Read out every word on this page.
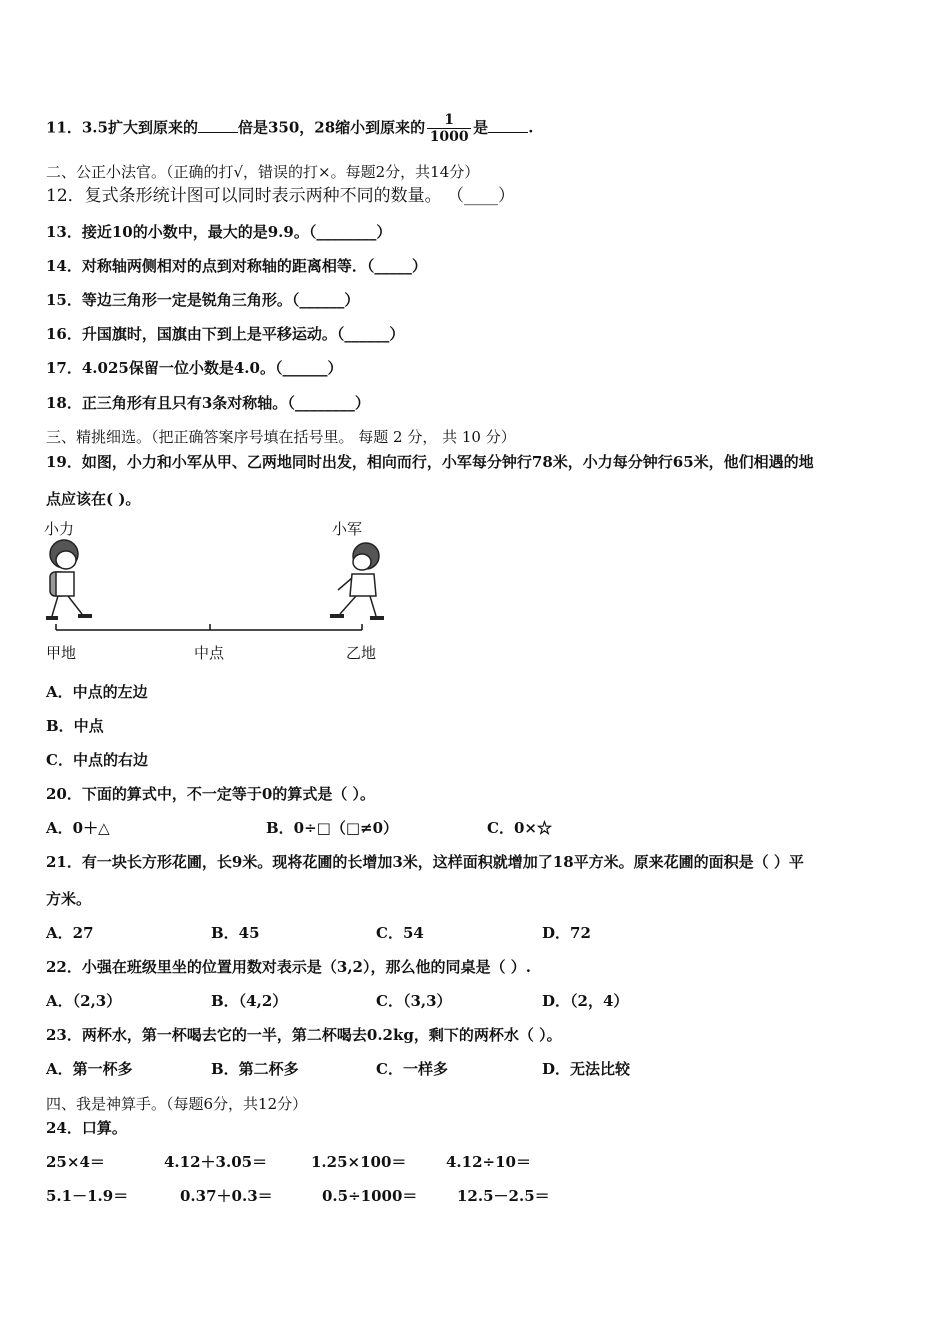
11．3.5扩大到原来的	倍是350，28缩小到原来的 $\frac{1}{1000}$ 是	.
二、公正小法官。（正确的打√，错误的打×。每题2分，共14分）
12．复式条形统计图可以同时表示两种不同的数量。 （____）
13．接近10的小数中，最大的是9.9。（________）
14．对称轴两侧相对的点到对称轴的距离相等．（_____）
15．等边三角形一定是锐角三角形。（______）
16．升国旗时，国旗由下到上是平移运动。（______）
17．4.025保留一位小数是4.0。（______）
18．正三角形有且只有3条对称轴。（________）
三、精挑细选。（把正确答案序号填在括号里。 每题 2 分， 共 10 分）
19．如图，小力和小军从甲、乙两地同时出发，相向而行，小军每分钟行78米，小力每分钟行65米，他们相遇的地
点应该在( )。
小力	小军
甲地	中点	乙地
A．中点的左边
B．中点
C．中点的右边
20．下面的算式中，不一定等于0的算式是（ ）。
A．0＋△	B．0÷□（□≠0）	C．0×☆
21．有一块长方形花圃，长9米。现将花圃的长增加3米，这样面积就增加了18平方米。原来花圃的面积是（ ）平
方米。
A．27	B．45	C．54	D．72
22．小强在班级里坐的位置用数对表示是（3,2），那么他的同桌是（ ）.
A．（2,3）	B．（4,2）	C．（3,3）	D．（2，4）
23．两杯水，第一杯喝去它的一半，第二杯喝去0.2kg，剩下的两杯水（ ）。
A．第一杯多	B．第二杯多	C．一样多	D．无法比较
四、我是神算手。（每题6分，共12分）
24．口算。
25×4＝	4.12＋3.05＝	1.25×100＝	4.12÷10＝
5.1－1.9＝	0.37＋0.3＝	0.5÷1000＝	12.5－2.5＝
